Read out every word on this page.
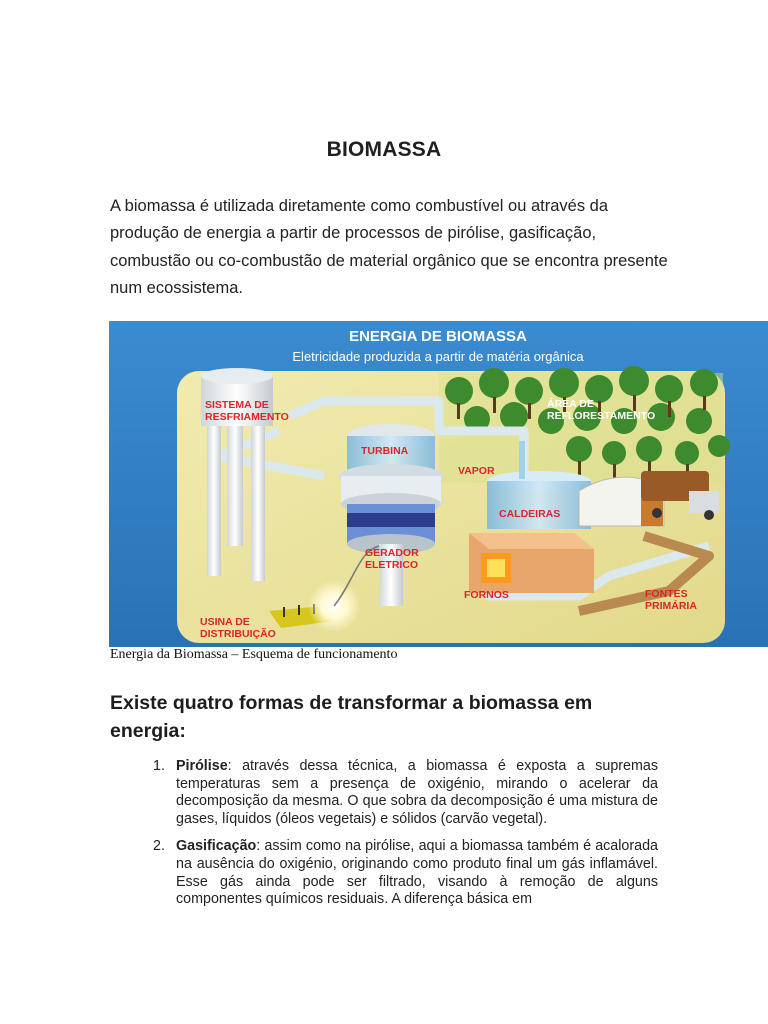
BIOMASSA

A biomassa é utilizada diretamente como combustível ou através da produção de energia a partir de processos de pirólise, gasificação, combustão ou co-combustão de material orgânico que se encontra presente num ecossistema.

ENERGIA DE BIOMASSA
Eletricidade produzida a partir de matéria orgânica
SISTEMA DE
RESFRIAMENTO
TURBINA
VAPOR
CALDEIRAS
GERADOR
ELETRICO
FORNOS	FONTES
PRIMÁRIA
USINA DE
DISTRIBUIÇÃO
ÁREA DE
REFLORESTAMENTO
Energia da Biomassa – Esquema de funcionamento
Existe quatro formas de transformar a biomassa em energia:
1. Pirólise: através dessa técnica, a biomassa é exposta a supremas temperaturas sem a presença de oxigénio, mirando o acelerar da decomposição da mesma. O que sobra da decomposição é uma mistura de gases, líquidos (óleos vegetais) e sólidos (carvão vegetal).
2. Gasificação: assim como na pirólise, aqui a biomassa também é acalorada na ausência do oxigénio, originando como produto final um gás inflamável. Esse gás ainda pode ser filtrado, visando à remoção de alguns componentes químicos residuais. A diferença básica em
